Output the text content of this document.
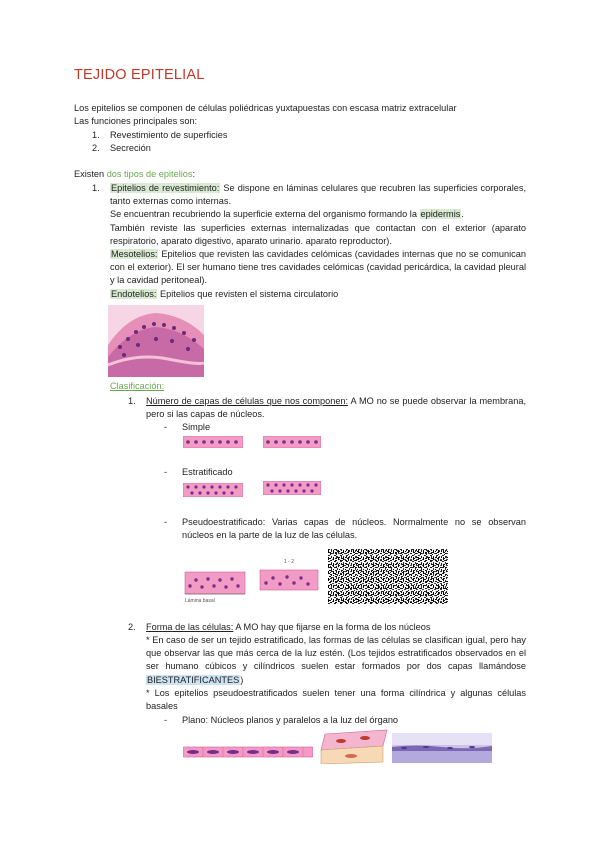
TEJIDO EPITELIAL
Los epitelios se componen de células poliédricas yuxtapuestas con escasa matriz extracelular
Las funciones principales son:
1. Revestimiento de superficies
2. Secreción
Existen dos tipos de epitelios:
1. Epitelios de revestimiento: Se dispone en láminas celulares que recubren las superficies corporales, tanto externas como internas.
Se encuentran recubriendo la superficie externa del organismo formando la epidermis.
También reviste las superficies externas internalizadas que contactan con el exterior (aparato respiratorio, aparato digestivo, aparato urinario. aparato reproductor).
Mesotelios: Epitelios que revisten las cavidades celómicas (cavidades internas que no se comunican con el exterior). El ser humano tiene tres cavidades celómicas (cavidad pericárdica, la cavidad pleural y la cavidad peritoneal).
Endotelios: Epitelios que revisten el sistema circulatorio
Clasificación:
1. Número de capas de células que nos componen: A MO no se puede observar la membrana, pero si las capas de núcleos.
- Simple
- Estratificado
- Pseudoestratificado: Varias capas de núcleos. Normalmente no se observan núcleos en la parte de la luz de las células.
Lámina basal
1 - 2
2. Forma de las células: A MO hay que fijarse en la forma de los núcleos
* En caso de ser un tejido estratificado, las formas de las células se clasifican igual, pero hay que observar las que más cerca de la luz estén. (Los tejidos estratificados observados en el ser humano cúbicos y cilíndricos suelen estar formados por dos capas llamándose BIESTRATIFICANTES)
* Los epitelios pseudoestratificados suelen tener una forma cilíndrica y algunas células basales
- Plano: Núcleos planos y paralelos a la luz del órgano
